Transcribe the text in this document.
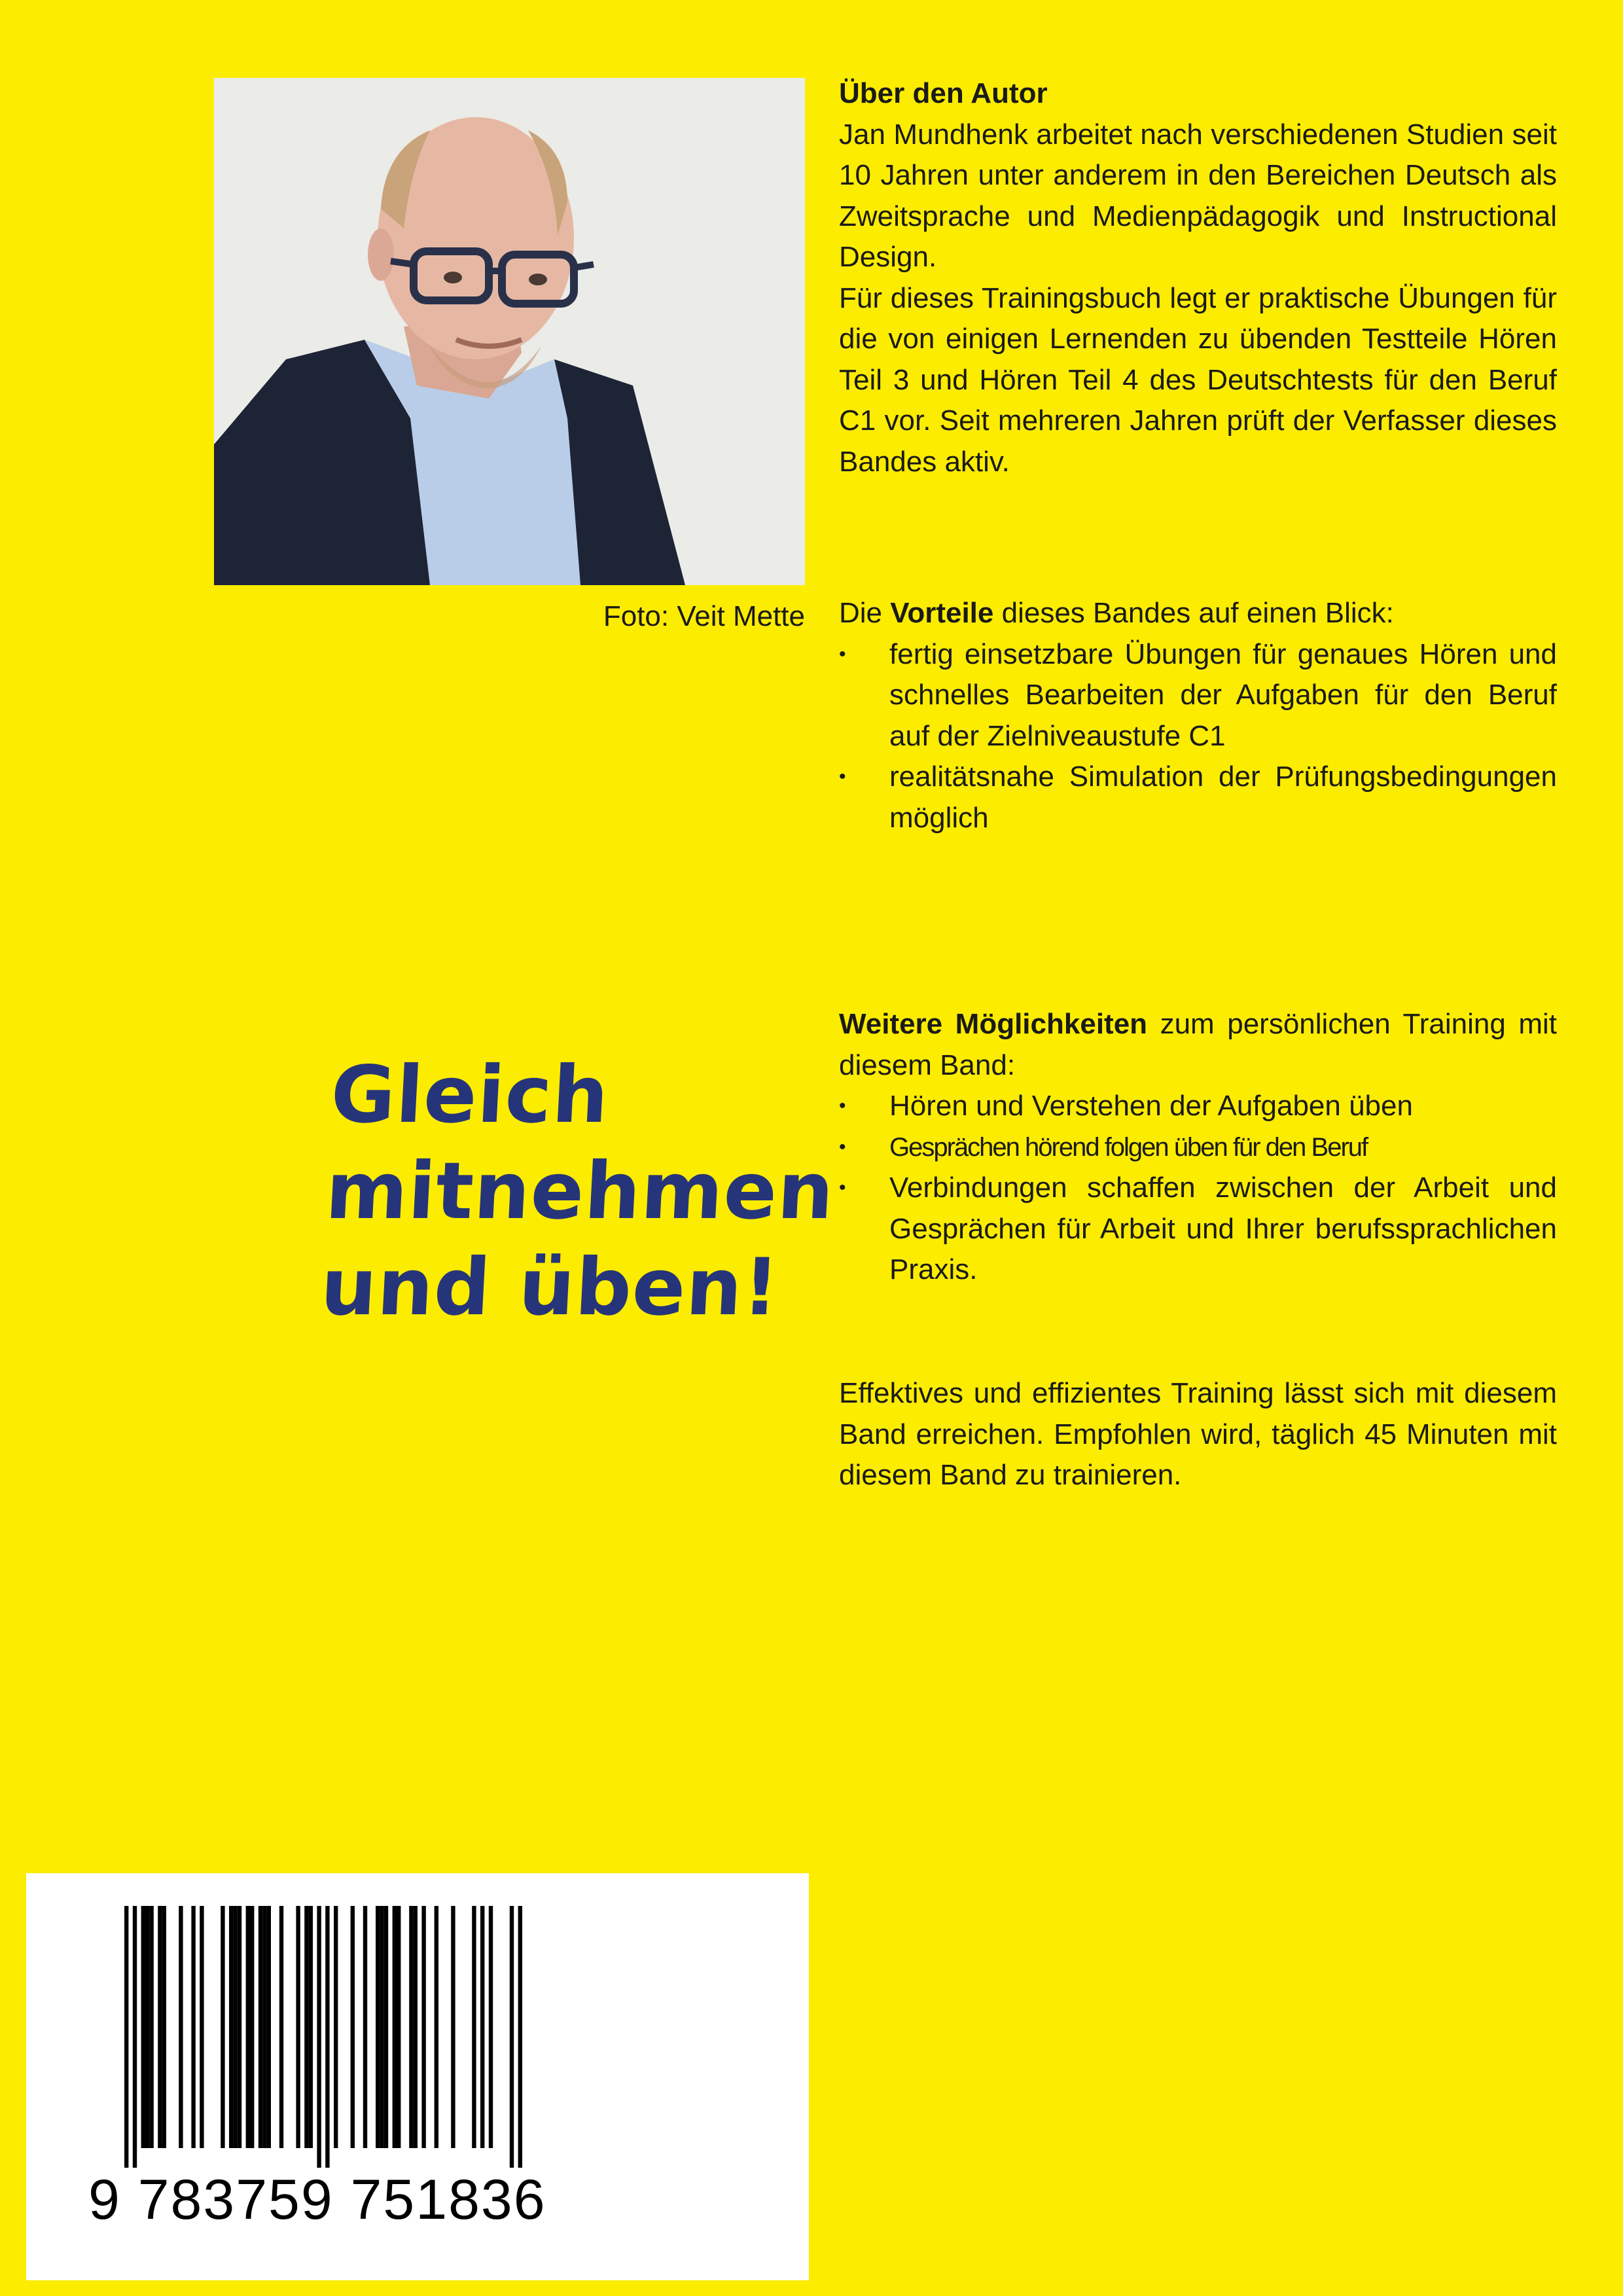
Foto: Veit Mette

Über den Autor

Jan Mundhenk arbeitet nach verschiedenen Studien seit 10 Jahren unter anderem in den Bereichen Deutsch als Zweitsprache und Medienpädagogik und Instructional Design.

Für dieses Trainingsbuch legt er praktische Übungen für die von einigen Lernenden zu übenden Testteile Hören Teil 3 und Hören Teil 4 des Deutschtests für den Beruf C1 vor. Seit mehreren Jahren prüft der Verfasser dieses Bandes aktiv.

Die Vorteile dieses Bandes auf einen Blick:

• fertig einsetzbare Übungen für genaues Hören und schnelles Bearbeiten der Aufgaben für den Beruf auf der Zielniveaustufe C1
• realitätsnahe Simulation der Prüfungsbedingungen möglich

Weitere Möglichkeiten zum persönlichen Training mit diesem Band:

• Hören und Verstehen der Aufgaben üben
• Gesprächen hörend folgen üben für den Beruf
• Verbindungen schaffen zwischen der Arbeit und Gesprächen für Arbeit und Ihrer berufssprachlichen Praxis.

Effektives und effizientes Training lässt sich mit diesem Band erreichen. Empfohlen wird, täglich 45 Minuten mit diesem Band zu trainieren.

Gleich
mitnehmen
und üben!
9 783759 751836
